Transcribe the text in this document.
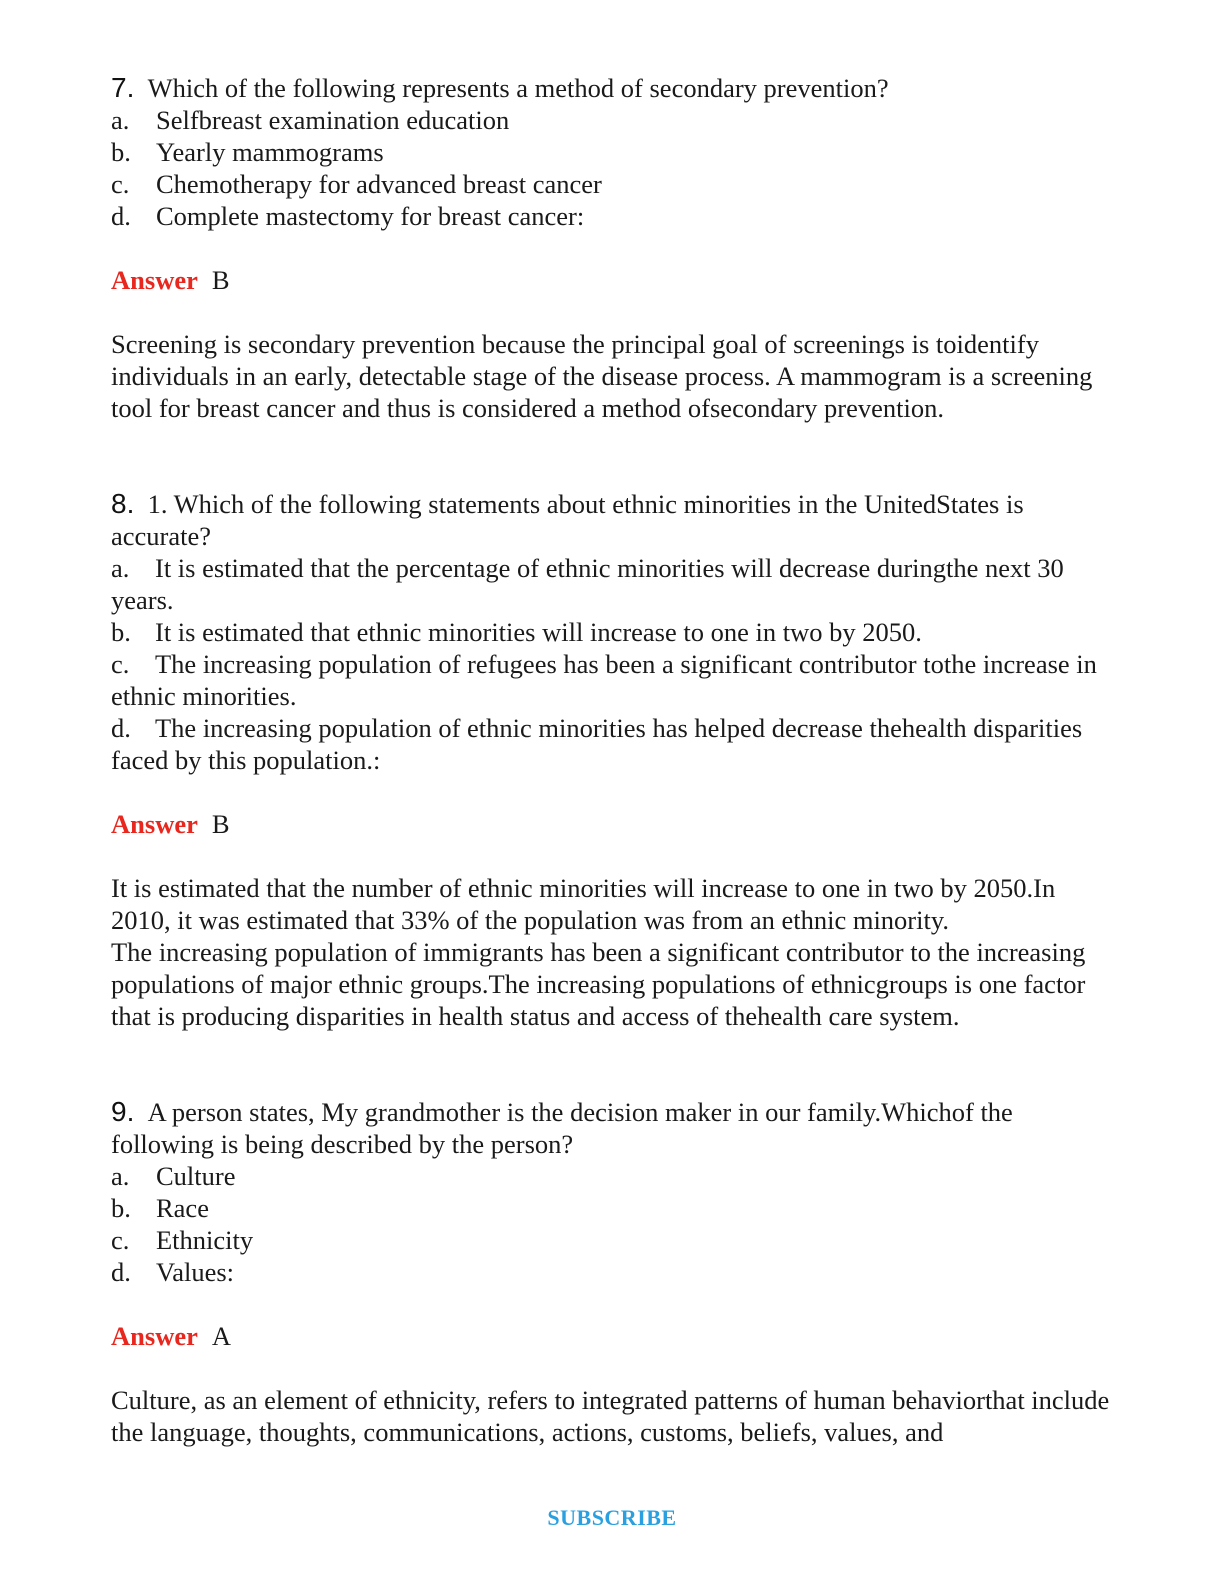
7. Which of the following represents a method of secondary prevention?
a. Selfbreast examination education
b. Yearly mammograms
c. Chemotherapy for advanced breast cancer
d. Complete mastectomy for breast cancer:
Answer B
Screening is secondary prevention because the principal goal of screenings is toidentify individuals in an early, detectable stage of the disease process. A mammogram is a screening tool for breast cancer and thus is considered a method ofsecondary prevention.
8. 1. Which of the following statements about ethnic minorities in the UnitedStates is accurate?
a. It is estimated that the percentage of ethnic minorities will decrease duringthe next 30 years.
b. It is estimated that ethnic minorities will increase to one in two by 2050.
c. The increasing population of refugees has been a significant contributor tothe increase in ethnic minorities.
d. The increasing population of ethnic minorities has helped decrease thehealth disparities faced by this population.:
Answer B
It is estimated that the number of ethnic minorities will increase to one in two by 2050.In 2010, it was estimated that 33% of the population was from an ethnic minority.
The increasing population of immigrants has been a significant contributor to the increasing populations of major ethnic groups.The increasing populations of ethnicgroups is one factor that is producing disparities in health status and access of thehealth care system.
9. A person states, My grandmother is the decision maker in our family.Whichof the following is being described by the person?
a. Culture
b. Race
c. Ethnicity
d. Values:
Answer A
Culture, as an element of ethnicity, refers to integrated patterns of human behaviorthat include the language, thoughts, communications, actions, customs, beliefs, values, and
SUBSCRIBE
